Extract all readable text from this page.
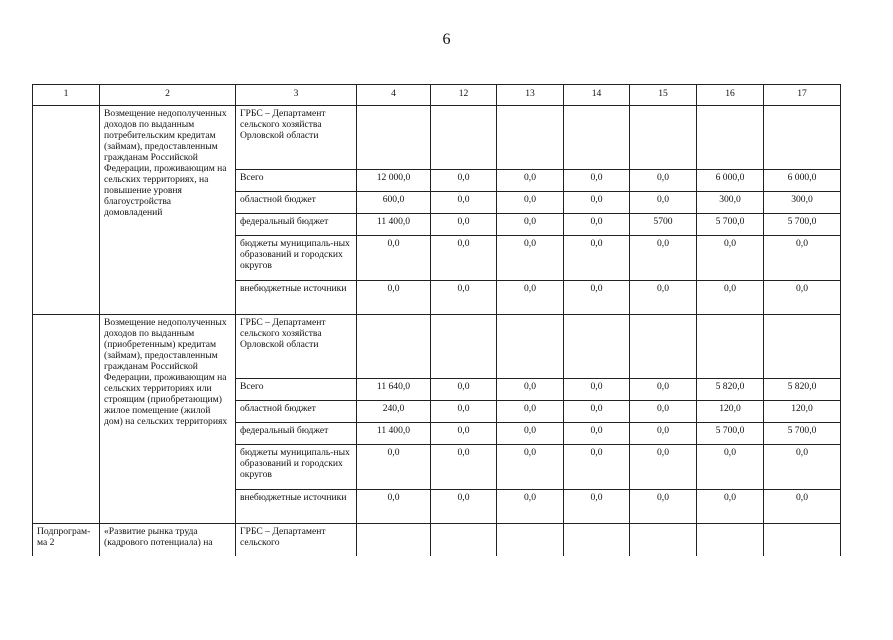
6
1	2	3	4	12	13	14	15	16	17
	Возмещение недополученных доходов по выданным потребительским кредитам (займам), предоставленным гражданам Российской Федерации, проживающим на сельских территориях, на повышение уровня благоустройства домовладений	ГРБС – Департамент сельского хозяйства Орловской области							
		Всего	12 000,0	0,0	0,0	0,0	0,0	6 000,0	6 000,0
		областной бюджет	600,0	0,0	0,0	0,0	0,0	300,0	300,0
		федеральный бюджет	11 400,0	0,0	0,0	0,0	5700	5 700,0	5 700,0
		бюджеты муниципаль-ных образований и городских округов	0,0	0,0	0,0	0,0	0,0	0,0	0,0
		внебюджетные источники	0,0	0,0	0,0	0,0	0,0	0,0	0,0
	Возмещение недополученных доходов по выданным (приобретенным) кредитам (займам), предоставленным гражданам Российской Федерации, проживающим на сельских территориях или строящим (приобретающим) жилое помещение (жилой дом) на сельских территориях	ГРБС – Департамент сельского хозяйства Орловской области							
		Всего	11 640,0	0,0	0,0	0,0	0,0	5 820,0	5 820,0
		областной бюджет	240,0	0,0	0,0	0,0	0,0	120,0	120,0
		федеральный бюджет	11 400,0	0,0	0,0	0,0	0,0	5 700,0	5 700,0
		бюджеты муниципаль-ных образований и городских округов	0,0	0,0	0,0	0,0	0,0	0,0	0,0
		внебюджетные источники	0,0	0,0	0,0	0,0	0,0	0,0	0,0
Подпрограм-ма 2	«Развитие рынка труда (кадрового потенциала) на	ГРБС – Департамент сельского							
